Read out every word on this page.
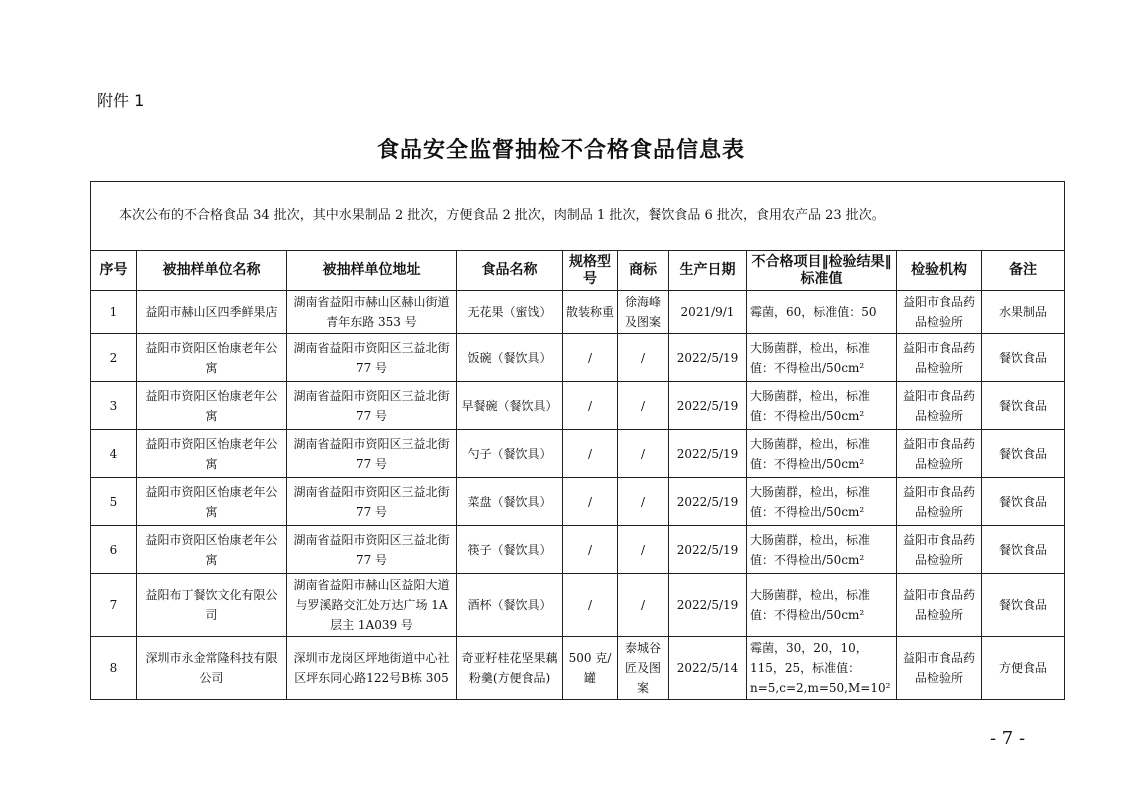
附件 1
食品安全监督抽检不合格食品信息表
本次公布的不合格食品 34 批次，其中水果制品 2 批次，方便食品 2 批次，肉制品 1 批次，餐饮食品 6 批次，食用农产品 23 批次。									
序号	被抽样单位名称	被抽样单位地址	食品名称	规格型号	商标	生产日期	不合格项目‖检验结果‖标准值	检验机构	备注
1	益阳市赫山区四季鲜果店	湖南省益阳市赫山区赫山街道青年东路 353 号	无花果（蜜饯）	散装称重	徐海峰及图案	2021/9/1	霉菌，60，标准值：50	益阳市食品药品检验所	水果制品
2	益阳市资阳区怡康老年公寓	湖南省益阳市资阳区三益北街 77 号	饭碗（餐饮具）	/	/	2022/5/19	大肠菌群，检出，标准值：不得检出/50cm²	益阳市食品药品检验所	餐饮食品
3	益阳市资阳区怡康老年公寓	湖南省益阳市资阳区三益北街 77 号	早餐碗（餐饮具）	/	/	2022/5/19	大肠菌群，检出，标准值：不得检出/50cm²	益阳市食品药品检验所	餐饮食品
4	益阳市资阳区怡康老年公寓	湖南省益阳市资阳区三益北街 77 号	勺子（餐饮具）	/	/	2022/5/19	大肠菌群，检出，标准值：不得检出/50cm²	益阳市食品药品检验所	餐饮食品
5	益阳市资阳区怡康老年公寓	湖南省益阳市资阳区三益北街 77 号	菜盘（餐饮具）	/	/	2022/5/19	大肠菌群，检出，标准值：不得检出/50cm²	益阳市食品药品检验所	餐饮食品
6	益阳市资阳区怡康老年公寓	湖南省益阳市资阳区三益北街 77 号	筷子（餐饮具）	/	/	2022/5/19	大肠菌群，检出，标准值：不得检出/50cm²	益阳市食品药品检验所	餐饮食品
7	益阳布丁餐饮文化有限公司	湖南省益阳市赫山区益阳大道与罗溪路交汇处万达广场 1A 层主 1A039 号	酒杯（餐饮具）	/	/	2022/5/19	大肠菌群，检出，标准值：不得检出/50cm²	益阳市食品药品检验所	餐饮食品
8	深圳市永金常隆科技有限公司	深圳市龙岗区坪地街道中心社区坪东同心路122号B栋 305	奇亚籽桂花坚果藕粉羹(方便食品)	500 克/罐	泰城谷匠及图案	2022/5/14	霉菌，30，20，10，115，25，标准值：n=5,c=2,m=50,M=10²	益阳市食品药品检验所	方便食品
- 7 -
